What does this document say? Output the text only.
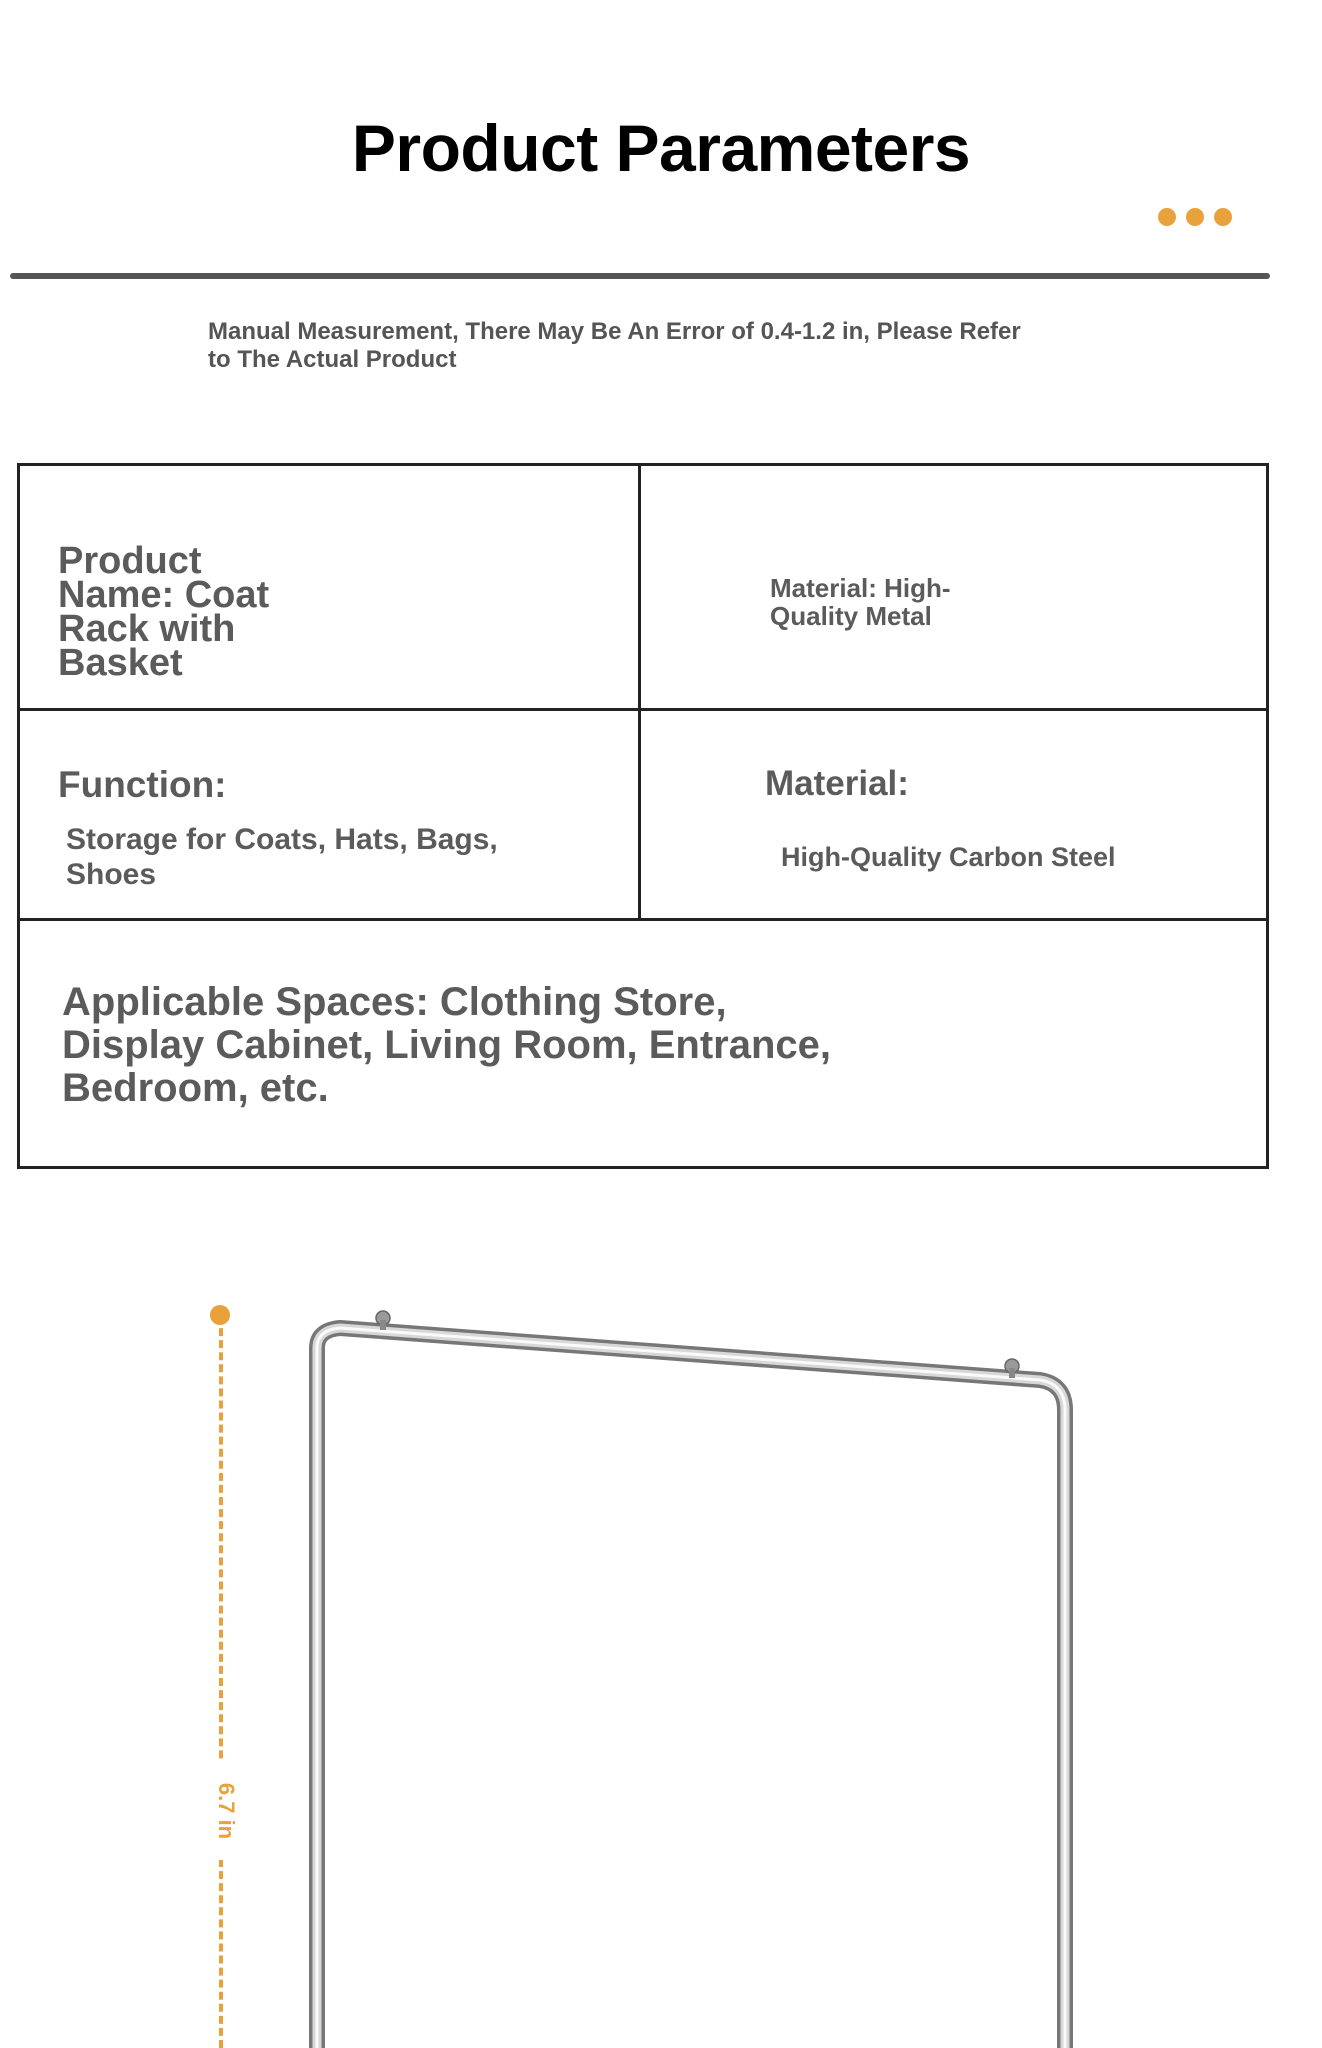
Product Parameters
Manual Measurement, There May Be An Error of 0.4-1.2 in, Please Refer to The Actual Product
Product Name: Coat Rack with Basket
Material: High-Quality Metal
Function:
Storage for Coats, Hats, Bags, Shoes
Material:
High-Quality Carbon Steel
Applicable Spaces: Clothing Store, Display Cabinet, Living Room, Entrance, Bedroom, etc.
6.7 in
